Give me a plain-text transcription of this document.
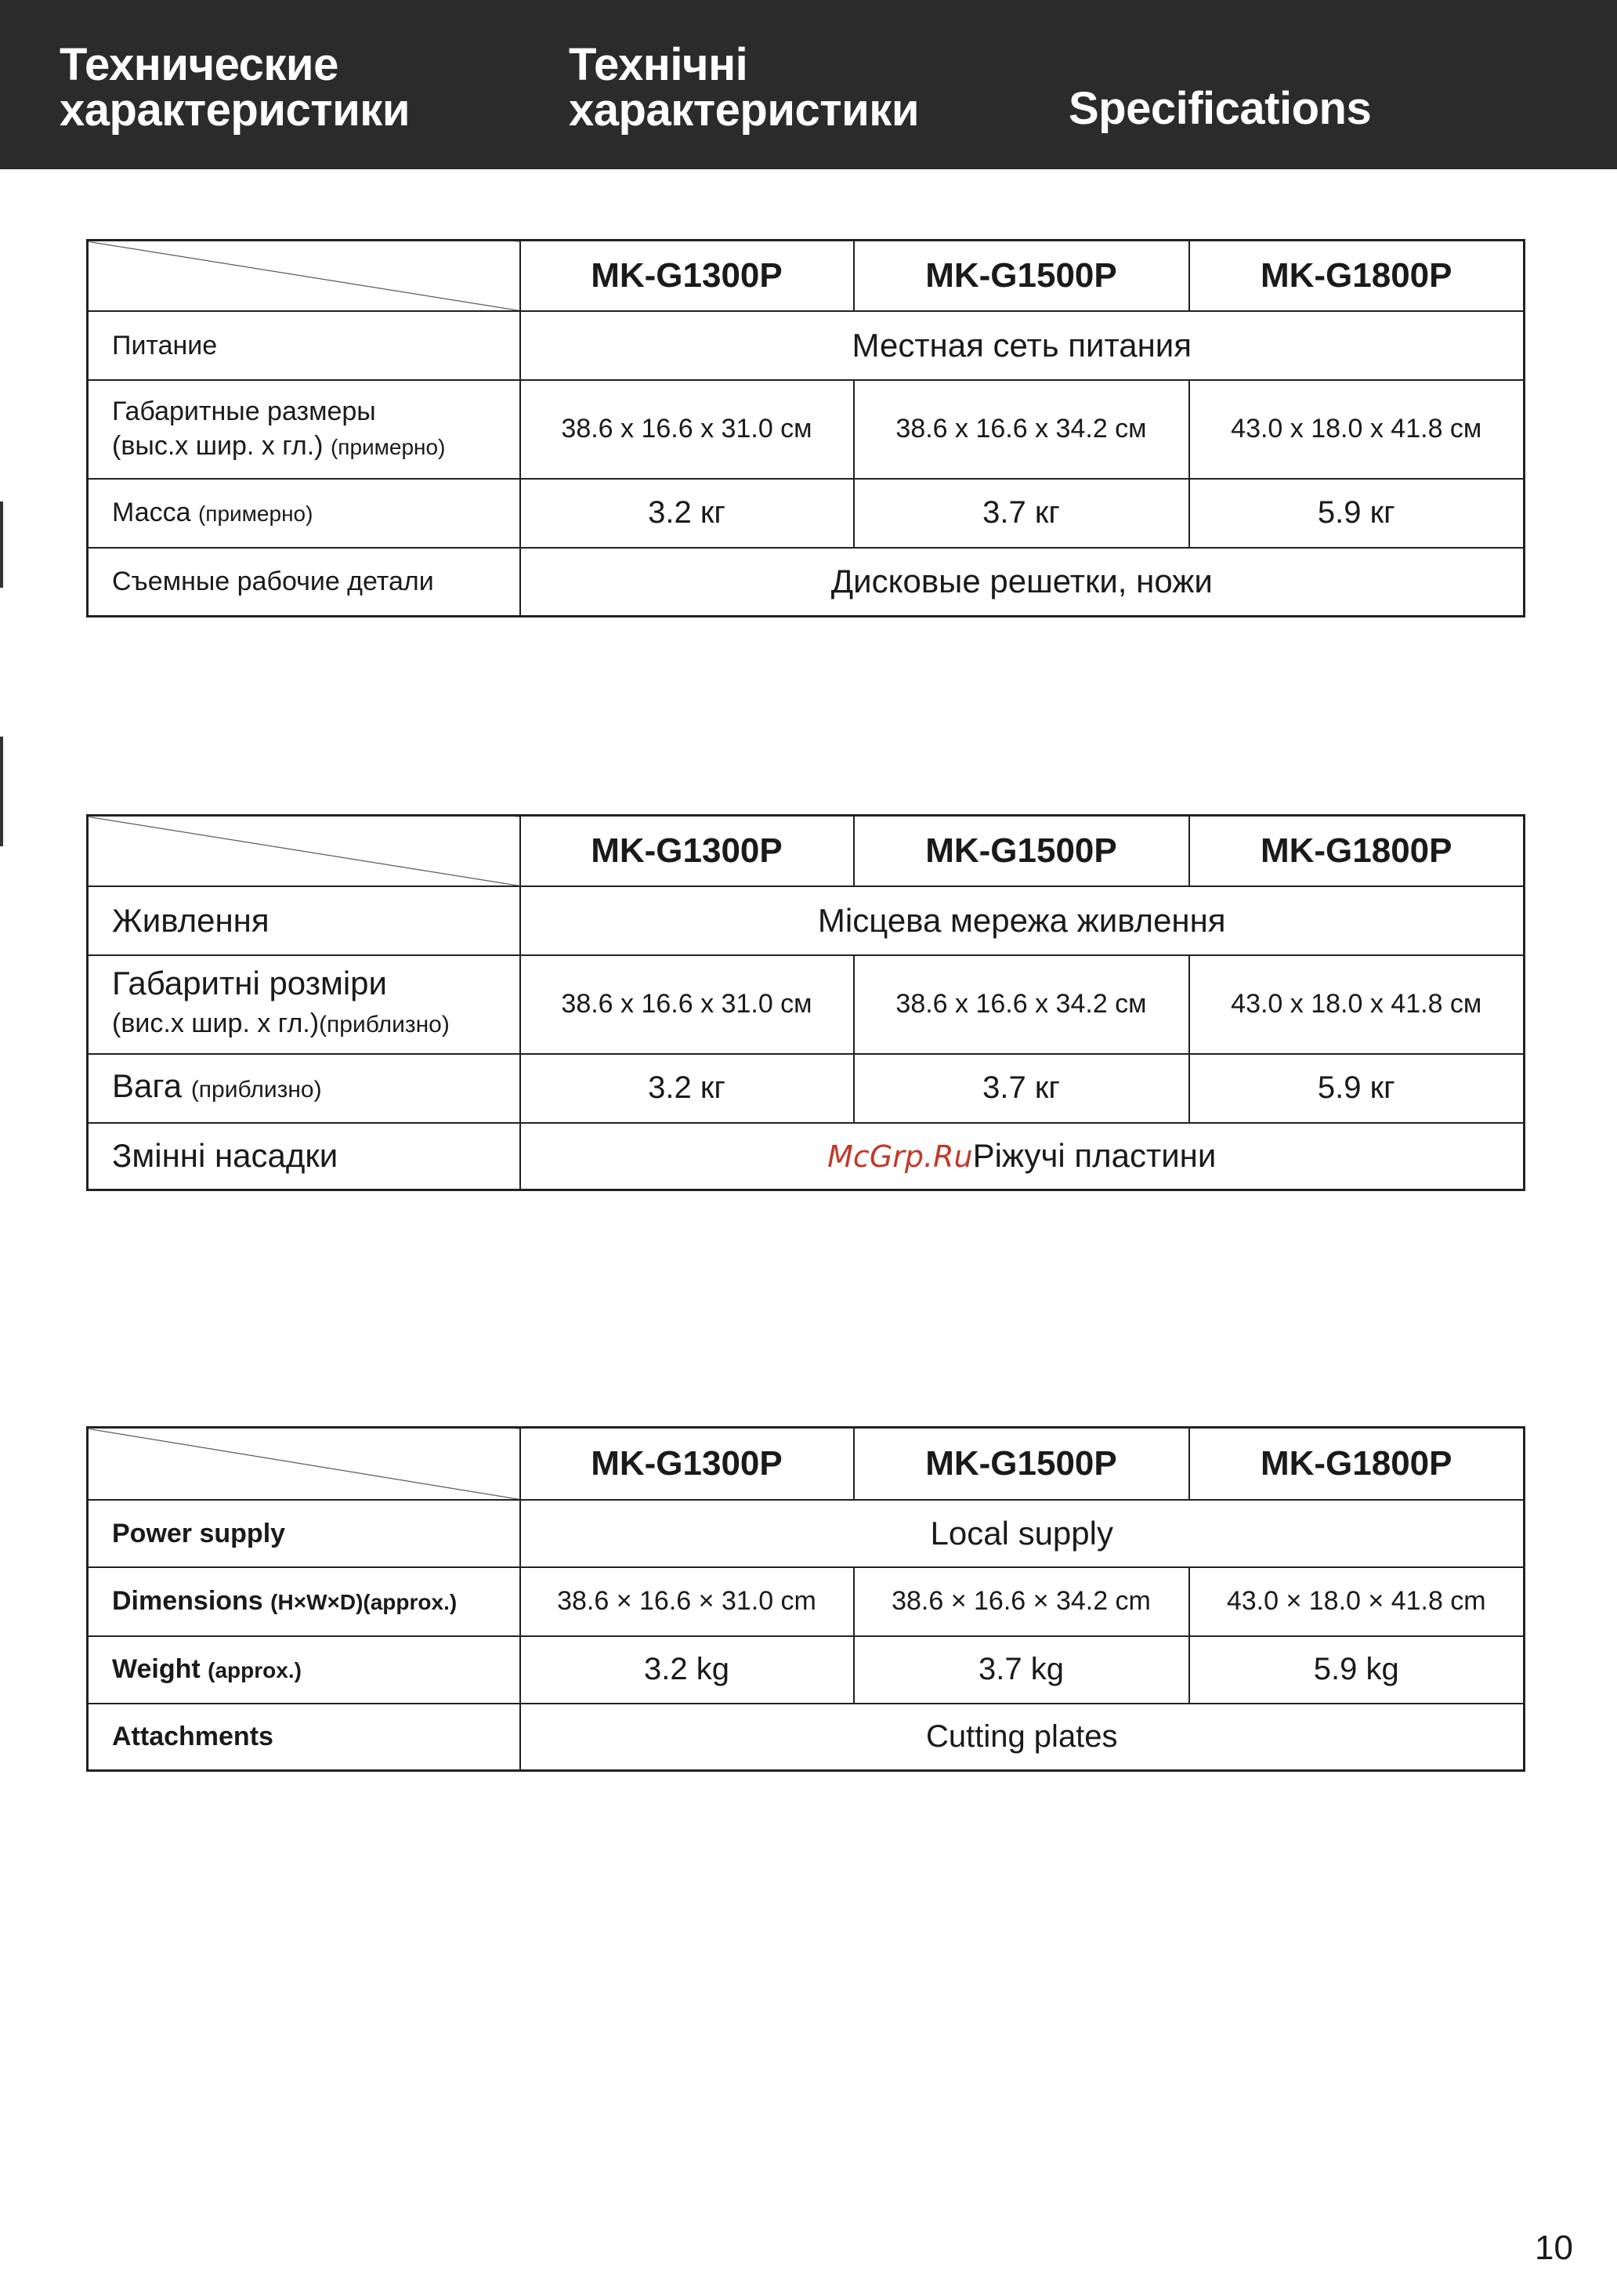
Технические
характеристики
Технічні
характеристики	Specifications
	MK-G1300P	MK-G1500P	MK-G1800P
Питание	Местная сеть питания		
Габаритные размеры
(выс.х шир. х гл.) (примерно)	38.6 x 16.6 x 31.0 см	38.6 x 16.6 x 34.2 см	43.0 x 18.0 x 41.8 см
Масса (примерно)	3.2 кг	3.7 кг	5.9 кг
Съемные рабочие детали	Дисковые решетки, ножи		
	MK-G1300P	MK-G1500P	MK-G1800P
Живлення	Місцева мережа живлення		
Габаритні розміри
(вис.х шир. х гл.)(приблизно)	38.6 x 16.6 x 31.0 см	38.6 x 16.6 x 34.2 см	43.0 x 18.0 x 41.8 см
Вага (приблизно)	3.2 кг	3.7 кг	5.9 кг
Змінні насадки	McGrp.RuРіжучі пластини		
	MK-G1300P	MK-G1500P	MK-G1800P
Power supply	Local supply		
Dimensions (H×W×D)(approx.)	38.6 × 16.6 × 31.0 cm	38.6 × 16.6 × 34.2 cm	43.0 × 18.0 × 41.8 cm
Weight (approx.)	3.2 kg	3.7 kg	5.9 kg
Attachments	Cutting plates		
10
